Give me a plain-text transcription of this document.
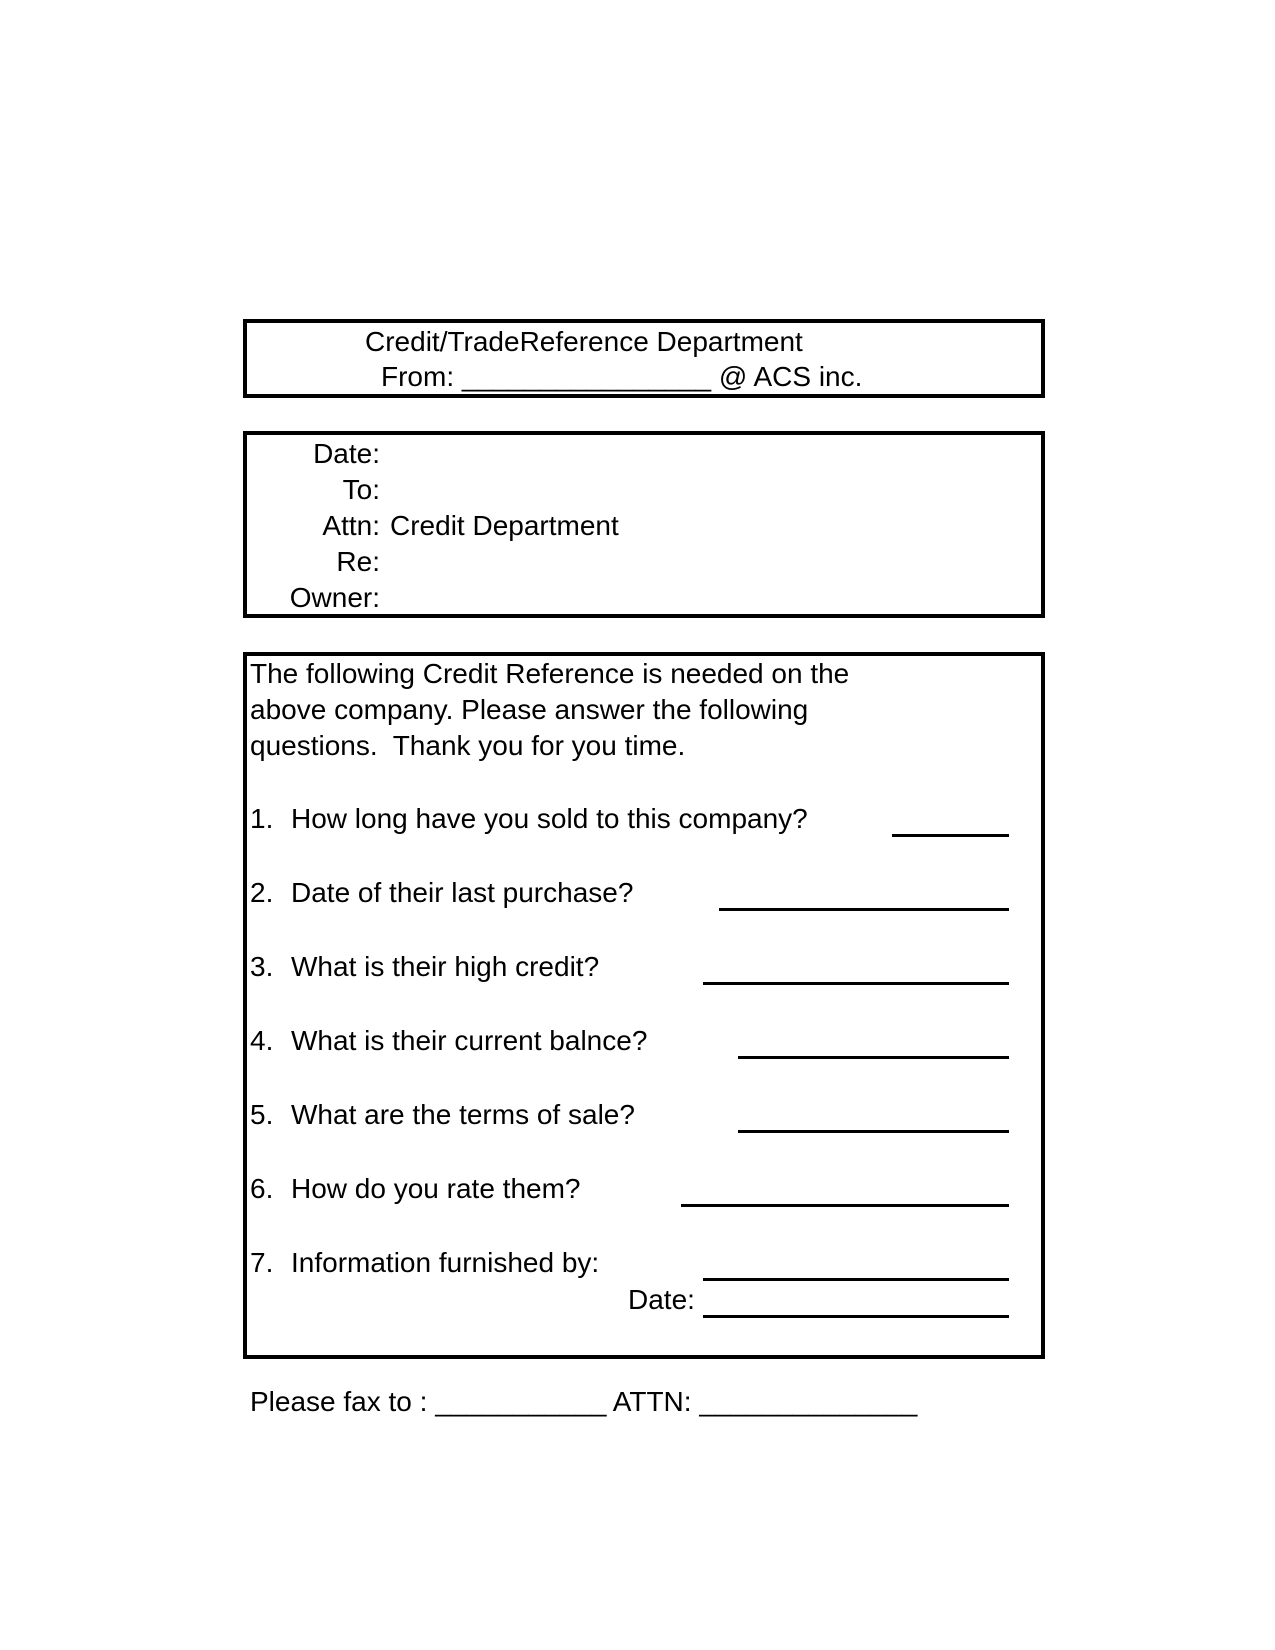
Credit/TradeReference Department
From: ________________ @ ACS inc.
Date:
To:
Attn: Credit Department
Re:
Owner:
The following Credit Reference is needed on the
above company. Please answer the following
questions.  Thank you for you time.
1. How long have you sold to this company?
2. Date of their last purchase?
3. What is their high credit?
4. What is their current balnce?
5. What are the terms of sale?
6. How do you rate them?
7. Information furnished by:
Date:
Please fax to : ___________ ATTN: ______________
